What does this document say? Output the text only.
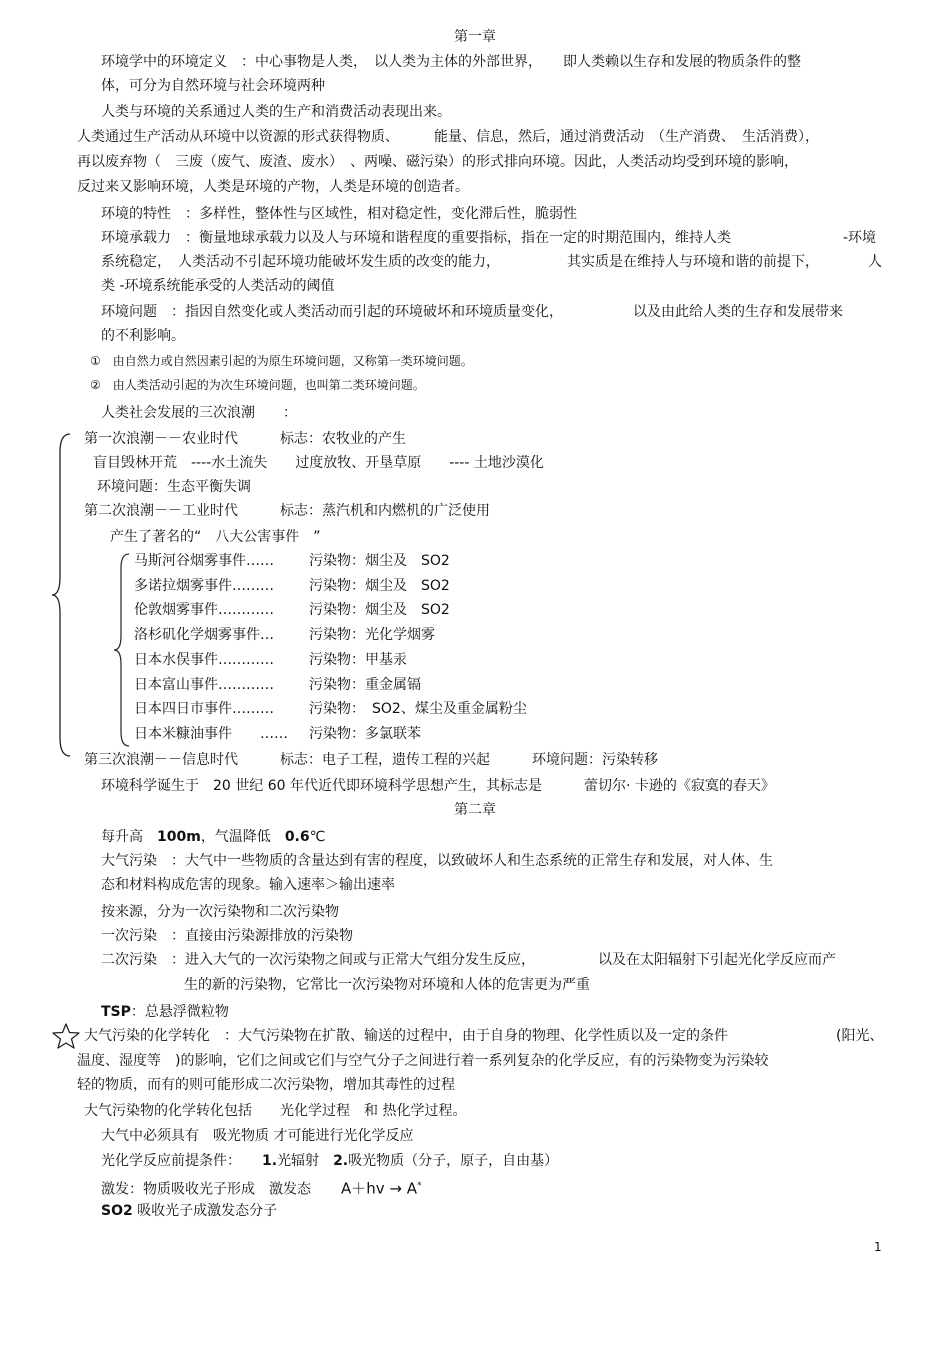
第一章
环境学中的环境定义　：中心事物是人类，　以人类为主体的外部世界，　　即人类赖以生存和发展的物质条件的整
体，可分为自然环境与社会环境两种
人类与环境的关系通过人类的生产和消费活动表现出来。
人类通过生产活动从环境中以资源的形式获得物质、　　　能量、信息，然后，通过消费活动　（生产消费、　生活消费），
再以废弃物（　三废（废气、废渣、废水）　、两噪、磁污染）的形式排向环境。因此，人类活动均受到环境的影响，
反过来又影响环境，人类是环境的产物，人类是环境的创造者。
环境的特性　：多样性，整体性与区域性，相对稳定性，变化滞后性，脆弱性
环境承载力　：衡量地球承载力以及人与环境和谐程度的重要指标，指在一定的时期范围内，维持人类	-环境
系统稳定，　人类活动不引起环境功能破坏发生质的改变的能力，	其实质是在维持人与环境和谐的前提下，	人
类 -环境系统能承受的人类活动的阈值
环境问题　：指因自然变化或人类活动而引起的环境破坏和环境质量变化，	以及由此给人类的生存和发展带来
的不利影响。
①　由自然力或自然因素引起的为原生环境问题，又称第一类环境问题。
②　由人类活动引起的为次生环境问题，也叫第二类环境问题。
人类社会发展的三次浪潮　　：
第一次浪潮－－农业时代　　　标志：农牧业的产生
盲目毁林开荒　----水土流失　　过度放牧、开垦草原　　---- 土地沙漠化
环境问题：生态平衡失调
第二次浪潮－－工业时代　　　标志：蒸汽机和内燃机的广泛使用
产生了著名的“　八大公害事件　”
马斯河谷烟雾事件……	污染物：烟尘及　SO2
多诺拉烟雾事件………	污染物：烟尘及　SO2
伦敦烟雾事件…………	污染物：烟尘及　SO2
洛杉矶化学烟雾事件…	污染物：光化学烟雾
日本水俣事件…………	污染物：甲基汞
日本富山事件…………	污染物：重金属镉
日本四日市事件………	污染物：　SO2、煤尘及重金属粉尘
日本米糠油事件　　…… 污染物：多氯联苯
第三次浪潮－－信息时代　　　标志：电子工程，遗传工程的兴起　　　环境问题：污染转移
环境科学诞生于　20 世纪 60 年代近代即环境科学思想产生，其标志是　　　蕾切尔· 卡逊的《寂寞的春天》
第二章
每升高　100m，气温降低　0.6℃
大气污染　：大气中一些物质的含量达到有害的程度，以致破坏人和生态系统的正常生存和发展，对人体、生
态和材料构成危害的现象。输入速率＞输出速率
按来源，分为一次污染物和二次污染物
一次污染　：直接由污染源排放的污染物
二次污染　：进入大气的一次污染物之间或与正常大气组分发生反应，	以及在太阳辐射下引起光化学反应而产
生的新的污染物，它常比一次污染物对环境和人体的危害更为严重
TSP：总悬浮微粒物
大气污染的化学转化　：大气污染物在扩散、输送的过程中，由于自身的物理、化学性质以及一定的条件	(阳光、
温度、湿度等　)的影响，它们之间或它们与空气分子之间进行着一系列复杂的化学反应，有的污染物变为污染较
轻的物质，而有的则可能形成二次污染物，增加其毒性的过程
大气污染物的化学转化包括　　光化学过程　和 热化学过程。
大气中必须具有　吸光物质 才可能进行光化学反应
光化学反应前提条件：　　1.光辐射　2.吸光物质（分子，原子，自由基）
激发：物质吸收光子形成　激发态 A＋hv → A*
SO2 吸收光子成激发态分子
1
